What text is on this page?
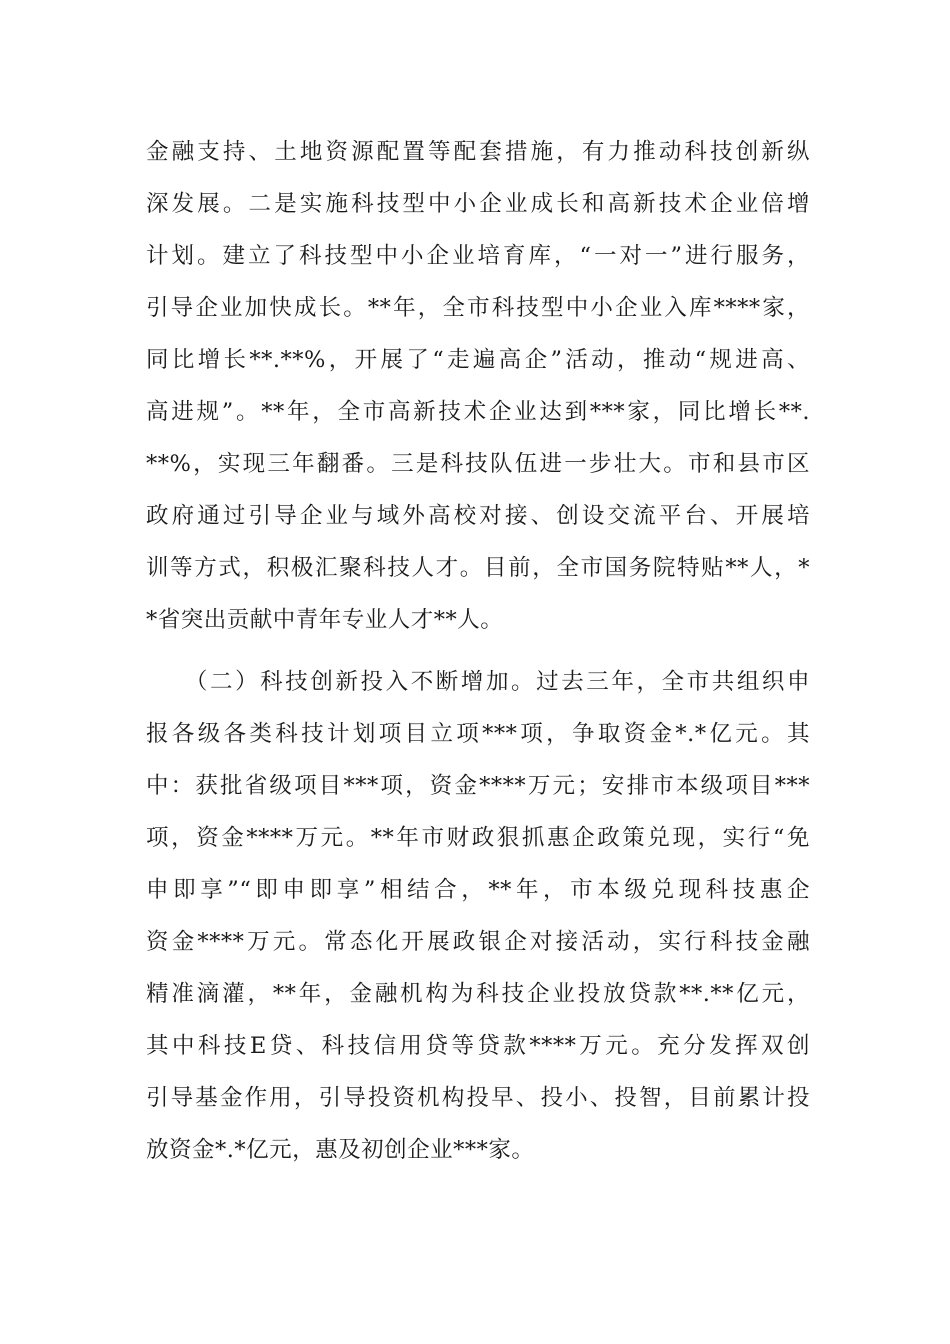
金融支持、土地资源配置等配套措施，有力推动科技创新纵
深发展。二是实施科技型中小企业成长和高新技术企业倍增
计划。建立了科技型中小企业培育库，“一对一”进行服务，
引导企业加快成长。**年，全市科技型中小企业入库****家，
同比增长**.**%，开展了“走遍高企”活动，推动“规进高、
高进规”。**年，全市高新技术企业达到***家，同比增长**.
**%，实现三年翻番。三是科技队伍进一步壮大。市和县市区
政府通过引导企业与域外高校对接、创设交流平台、开展培
训等方式，积极汇聚科技人才。目前，全市国务院特贴**人，*
*省突出贡献中青年专业人才**人。
　　（二）科技创新投入不断增加。过去三年，全市共组织申
报各级各类科技计划项目立项***项，争取资金*.*亿元。其
中：获批省级项目***项，资金****万元；安排市本级项目***
项，资金****万元。**年市财政狠抓惠企政策兑现，实行“免
申即享”“即申即享”相结合，**年，市本级兑现科技惠企
资金****万元。常态化开展政银企对接活动，实行科技金融
精准滴灌，**年，金融机构为科技企业投放贷款**.**亿元，
其中科技E贷、科技信用贷等贷款****万元。充分发挥双创
引导基金作用，引导投资机构投早、投小、投智，目前累计投
放资金*.*亿元，惠及初创企业***家。
